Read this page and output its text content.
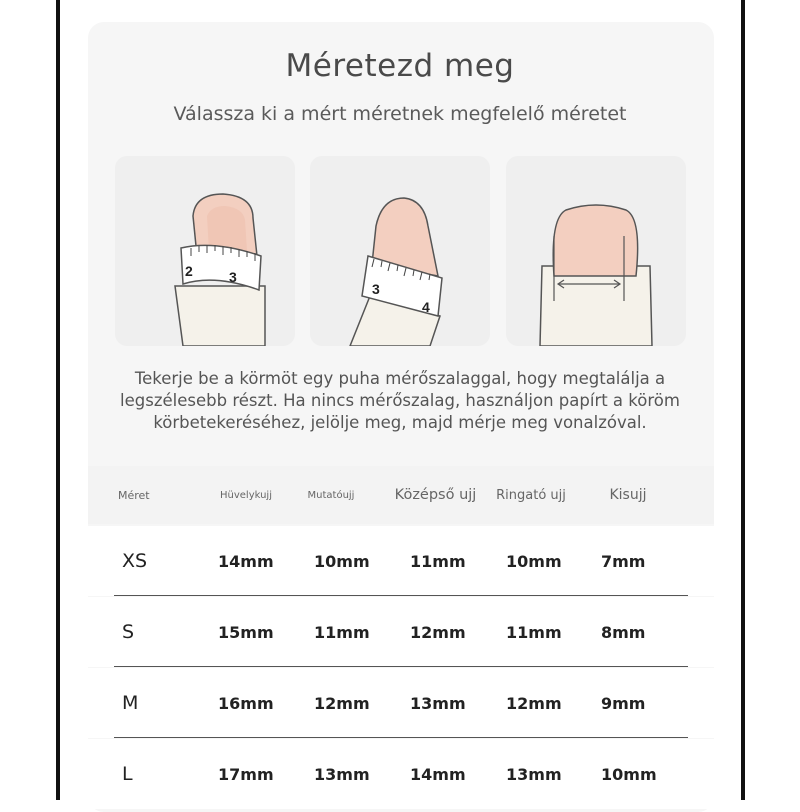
Méretezd meg
Válassza ki a mért méretnek megfelelő méretet
2	3
3
4
Tekerje be a körmöt egy puha mérőszalaggal, hogy megtalálja a legszélesebb részt. Ha nincs mérőszalag, használjon papírt a köröm körbetekeréséhez, jelölje meg, majd mérje meg vonalzóval.
Méret	Hüvelykujj	Mutatóujj	Középső ujj	Ringató ujj	Kisujj
XS	14mm	10mm	11mm	10mm 7mm
S	15mm	11mm	12mm	11mm 8mm
M	16mm	12mm	13mm	12mm 9mm
L	17mm	13mm	14mm	13mm 10mm
